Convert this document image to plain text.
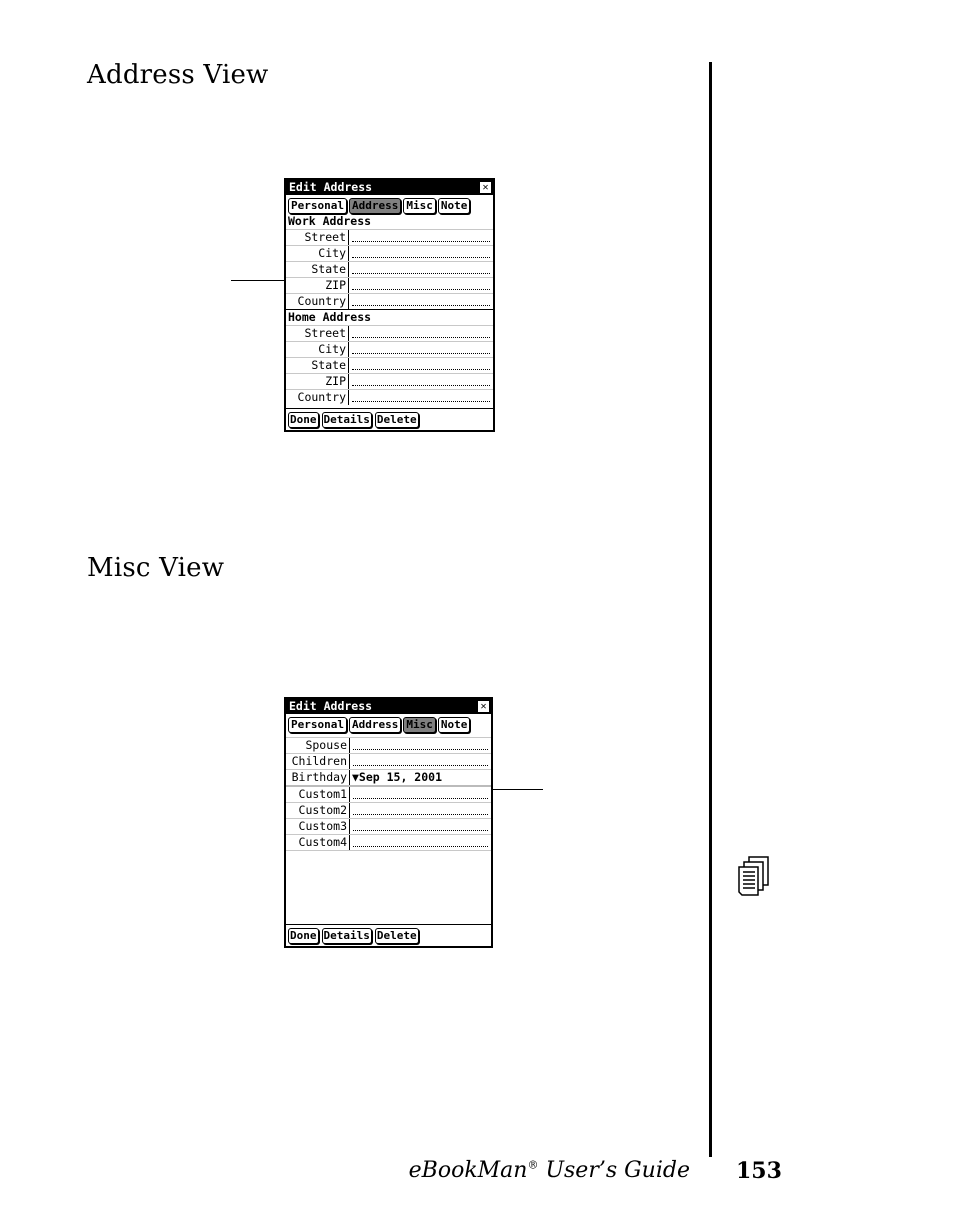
Address View
Misc View
Edit Address	✕
Personal Address Misc Note
Work Address
Street
City
State
ZIP
Country
Home Address
Street
City
State
ZIP
Country
Done Details Delete
Edit Address	✕
Personal Address Misc Note
Spouse
Children
Birthday ▼Sep 15, 2001
Custom1
Custom2
Custom3
Custom4
Done Details Delete
eBookMan® User’s Guide 153
